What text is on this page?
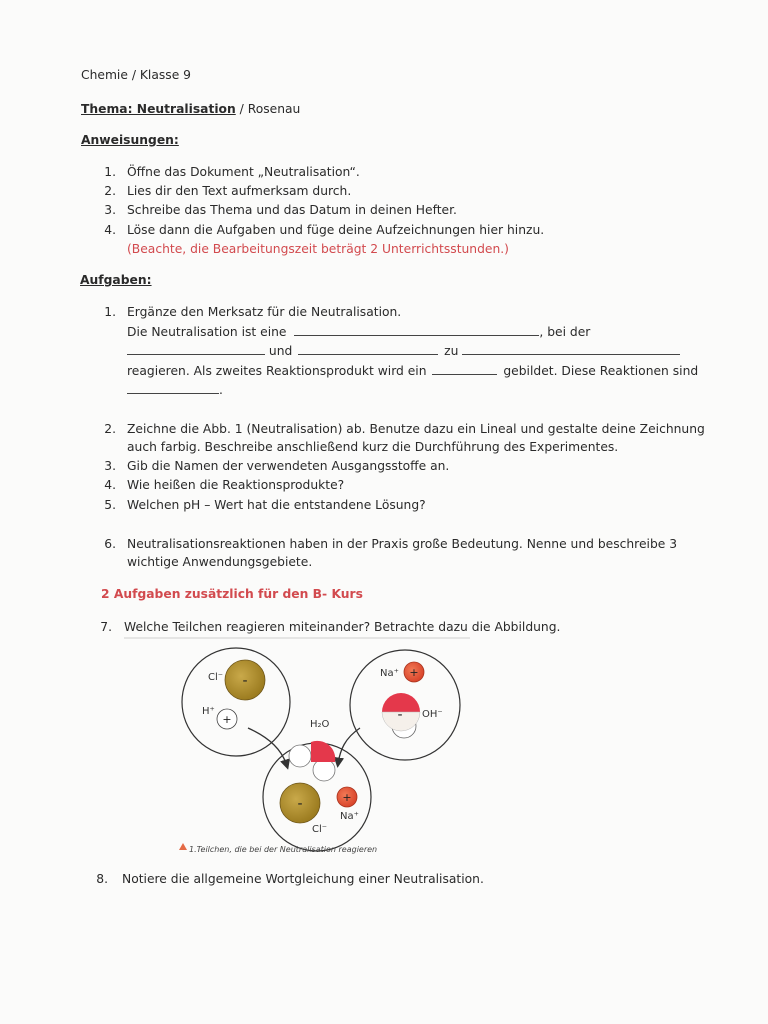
Chemie / Klasse 9
Thema: Neutralisation / Rosenau
Anweisungen:
1. Öffne das Dokument „Neutralisation“.
2. Lies dir den Text aufmerksam durch.
3. Schreibe das Thema und das Datum in deinen Hefter.
4. Löse dann die Aufgaben und füge deine Aufzeichnungen hier hinzu.
(Beachte, die Bearbeitungszeit beträgt 2 Unterrichtsstunden.)
Aufgaben:
1. Ergänze den Merksatz für die Neutralisation.
Die Neutralisation ist eine	, bei der
und	zu
reagieren. Als zweites Reaktionsprodukt wird ein	gebildet. Diese Reaktionen sind
.
2. Zeichne die Abb. 1 (Neutralisation) ab. Benutze dazu ein Lineal und gestalte deine Zeichnung
auch farbig. Beschreibe anschließend kurz die Durchführung des Experimentes.
3. Gib die Namen der verwendeten Ausgangsstoffe an.
4. Wie heißen die Reaktionsprodukte?
5. Welchen pH – Wert hat die entstandene Lösung?
6. Neutralisationsreaktionen haben in der Praxis große Bedeutung. Nenne und beschreibe 3
wichtige Anwendungsgebiete.
2 Aufgaben zusätzlich für den B- Kurs
7. Welche Teilchen reagieren miteinander? Betrachte dazu die Abbildung.
-
Cl⁻
+
H⁺
Na⁺ +
- OH⁻
H₂O
-
Cl⁻
+
Na⁺
1.Teilchen, die bei der Neutralisation reagieren
8. Notiere die allgemeine Wortgleichung einer Neutralisation.
